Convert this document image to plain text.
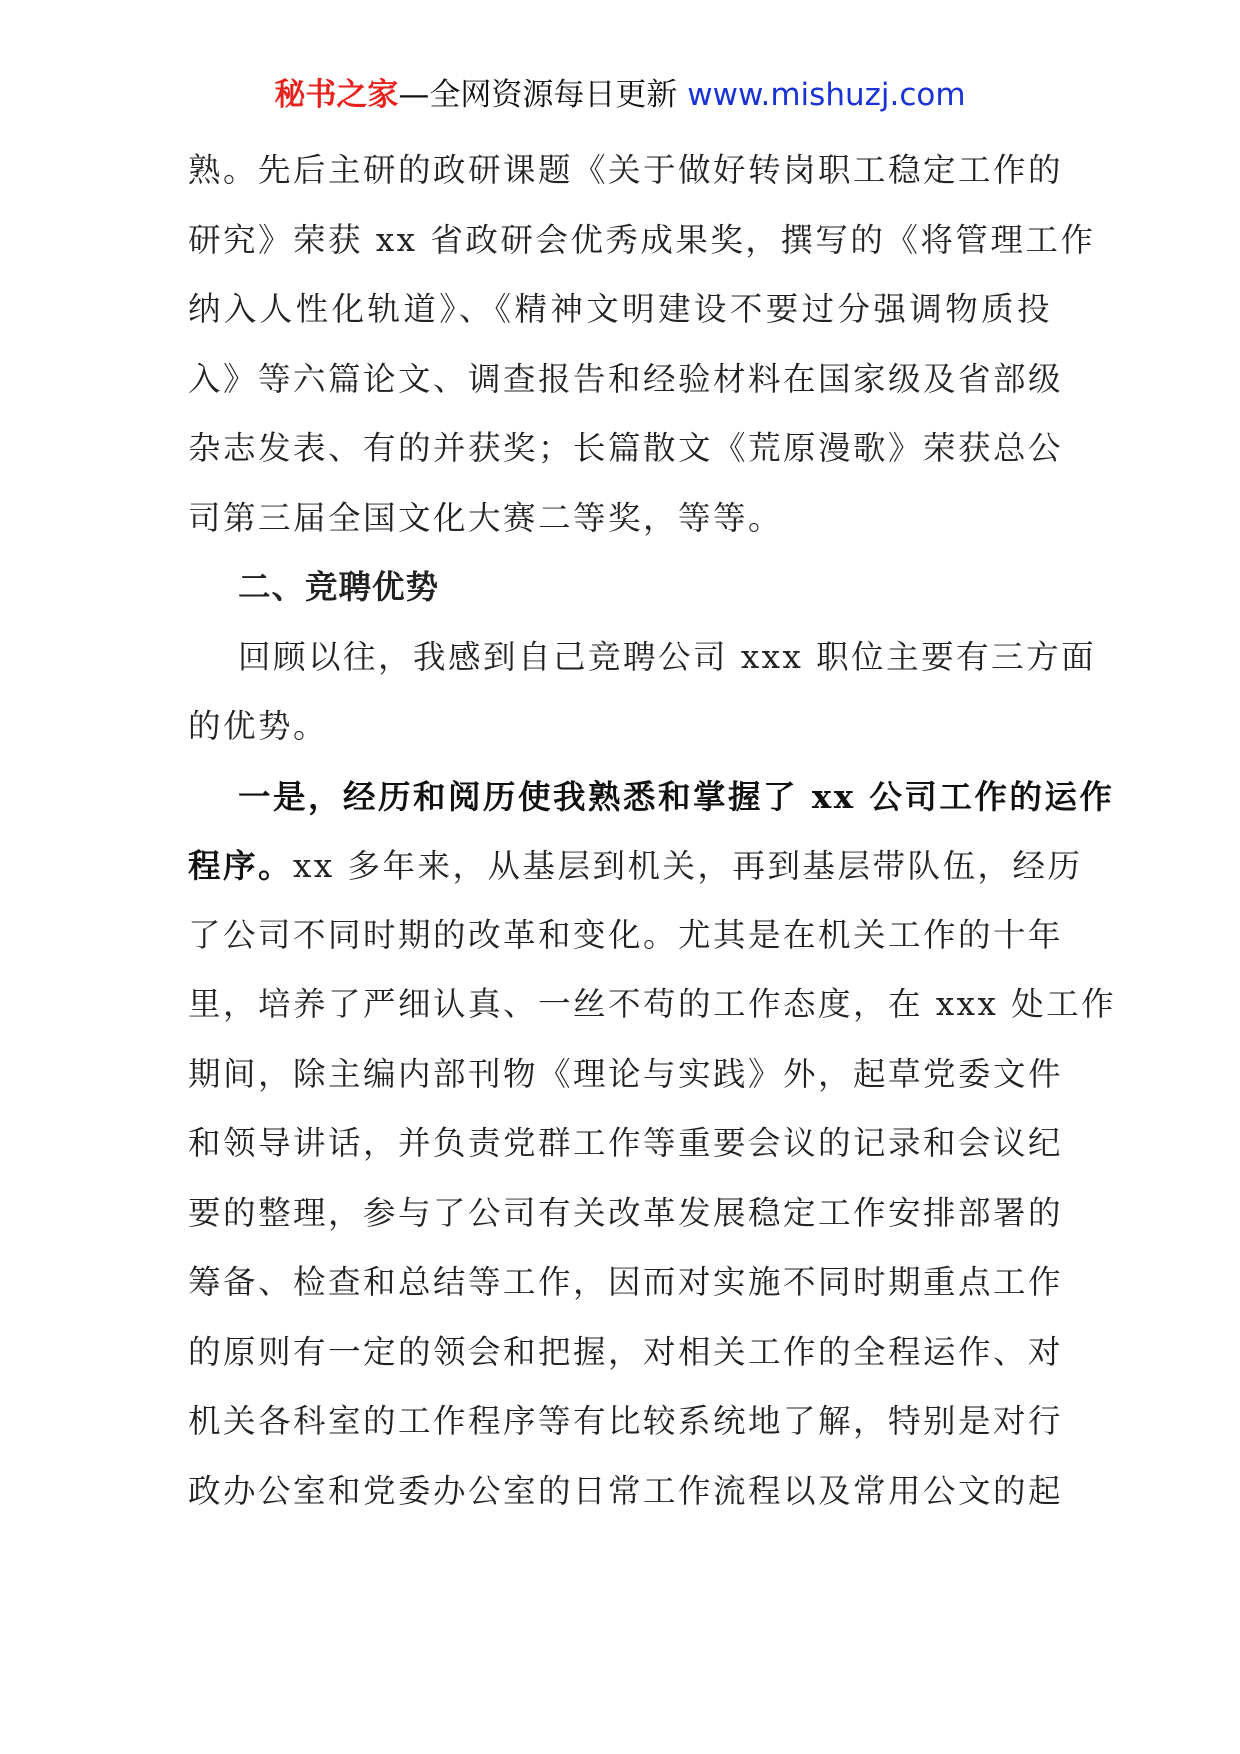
秘书之家—全网资源每日更新 www.mishuzj.com
熟。先后主研的政研课题《关于做好转岗职工稳定工作的
研究》荣获 xx 省政研会优秀成果奖，撰写的《将管理工作
纳入人性化轨道》、《精神文明建设不要过分强调物质投
入》等六篇论文、调查报告和经验材料在国家级及省部级
杂志发表、有的并获奖；长篇散文《荒原漫歌》荣获总公
司第三届全国文化大赛二等奖，等等。
二、竞聘优势
回顾以往，我感到自己竞聘公司 xxx 职位主要有三方面
的优势。
一是，经历和阅历使我熟悉和掌握了 xx 公司工作的运作
程序。xx 多年来，从基层到机关，再到基层带队伍，经历
了公司不同时期的改革和变化。尤其是在机关工作的十年
里，培养了严细认真、一丝不苟的工作态度，在 xxx 处工作
期间，除主编内部刊物《理论与实践》外，起草党委文件
和领导讲话，并负责党群工作等重要会议的记录和会议纪
要的整理，参与了公司有关改革发展稳定工作安排部署的
筹备、检查和总结等工作，因而对实施不同时期重点工作
的原则有一定的领会和把握，对相关工作的全程运作、对
机关各科室的工作程序等有比较系统地了解，特别是对行
政办公室和党委办公室的日常工作流程以及常用公文的起
